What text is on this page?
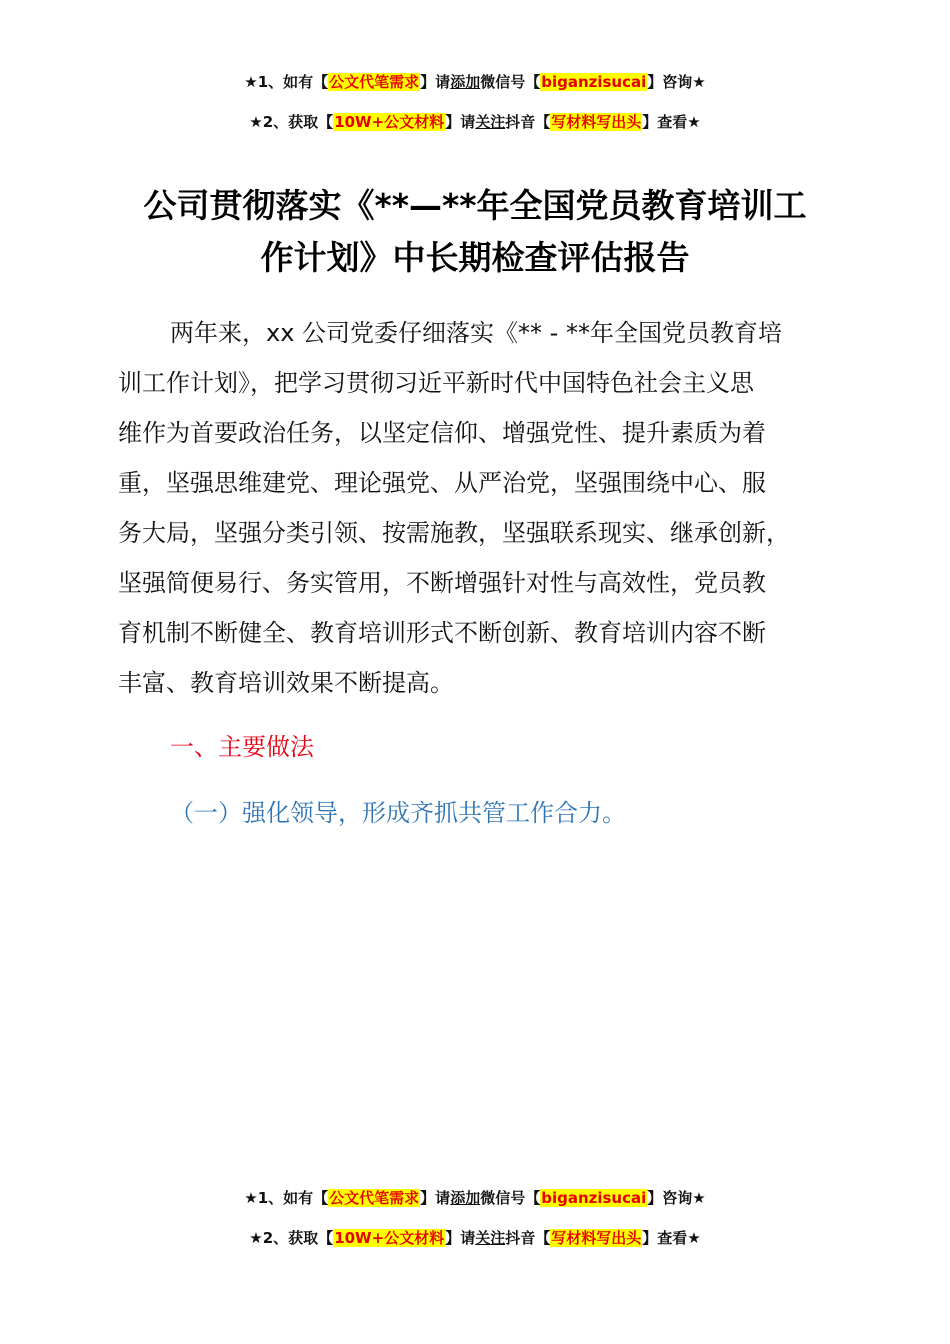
★1、如有【公文代笔需求】请添加微信号【biganzisucai】咨询★
★2、获取【10W+公文材料】请关注抖音【写材料写出头】查看★
公司贯彻落实《**—**年全国党员教育培训工
作计划》中长期检查评估报告
两年来，xx 公司党委仔细落实《** - **年全国党员教育培
训工作计划》，把学习贯彻习近平新时代中国特色社会主义思
维作为首要政治任务，以坚定信仰、增强党性、提升素质为着
重，坚强思维建党、理论强党、从严治党，坚强围绕中心、服
务大局，坚强分类引领、按需施教，坚强联系现实、继承创新，
坚强简便易行、务实管用，不断增强针对性与高效性，党员教
育机制不断健全、教育培训形式不断创新、教育培训内容不断
丰富、教育培训效果不断提高。
一、主要做法
（一）强化领导，形成齐抓共管工作合力。
★1、如有【公文代笔需求】请添加微信号【biganzisucai】咨询★
★2、获取【10W+公文材料】请关注抖音【写材料写出头】查看★
